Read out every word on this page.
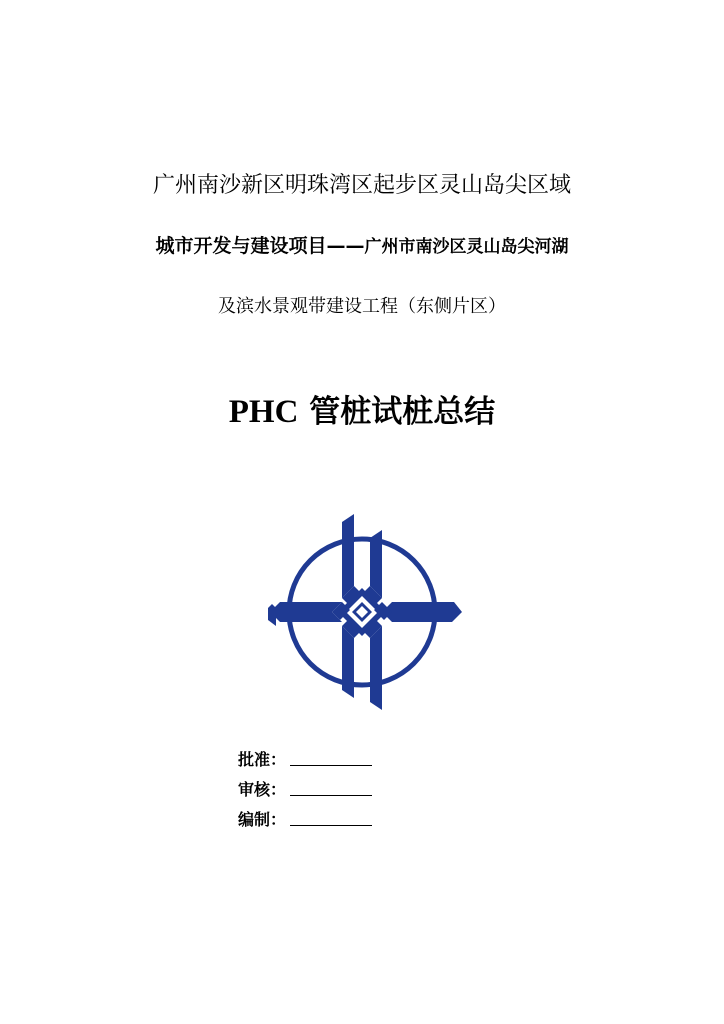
广州南沙新区明珠湾区起步区灵山岛尖区域
城市开发与建设项目——广州市南沙区灵山岛尖河湖
及滨水景观带建设工程（东侧片区）
PHC 管桩试桩总结
批准：
审核：
编制：
